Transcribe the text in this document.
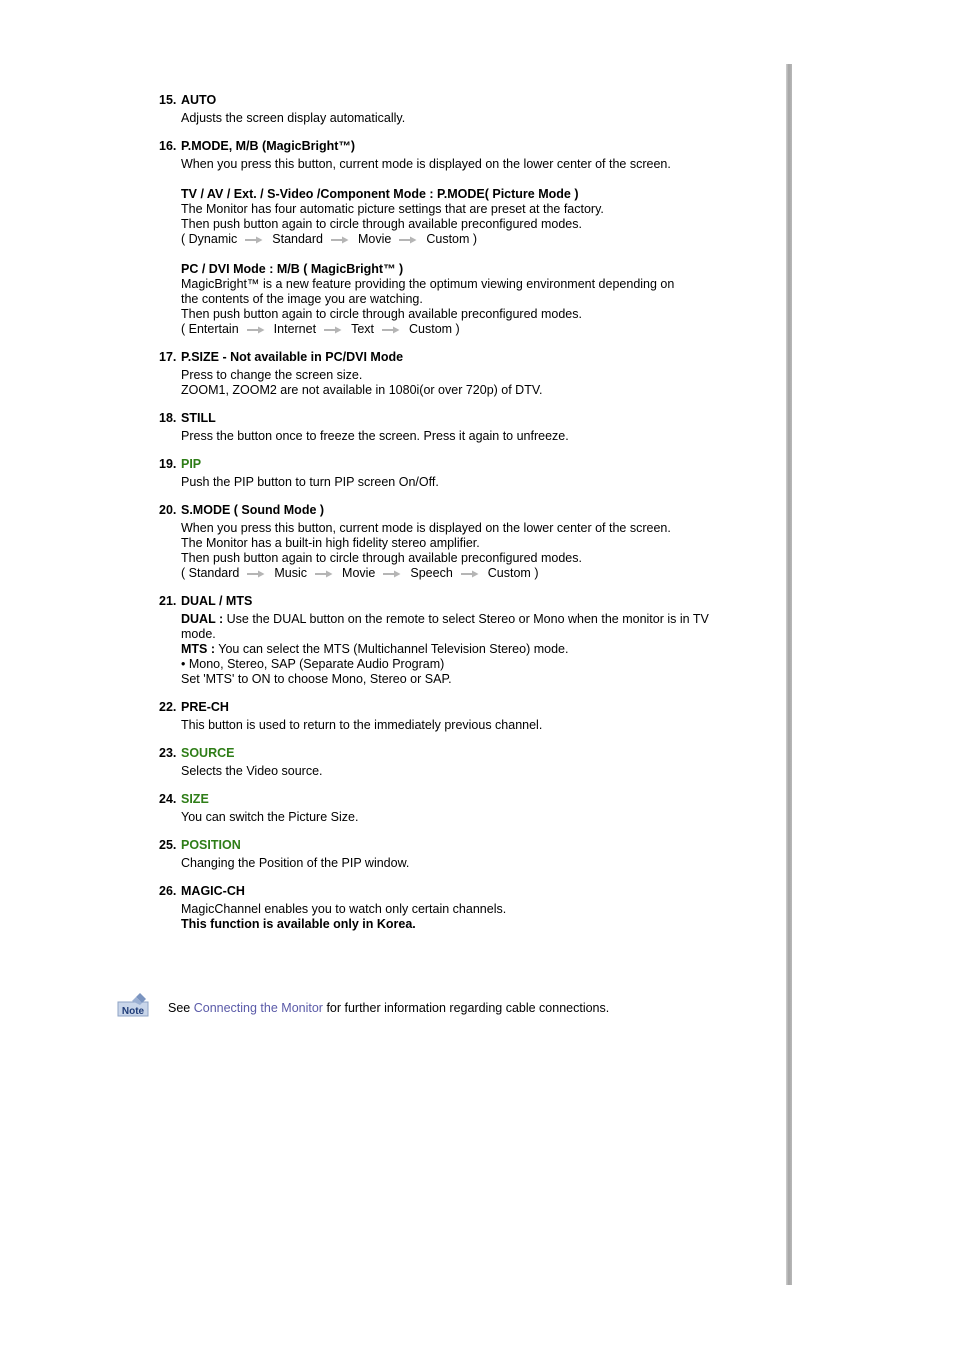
15. AUTO
Adjusts the screen display automatically.
16. P.MODE, M/B (MagicBright™)
When you press this button, current mode is displayed on the lower center of the screen.
TV / AV / Ext. / S-Video /Component Mode : P.MODE( Picture Mode )
The Monitor has four automatic picture settings that are preset at the factory.
Then push button again to circle through available preconfigured modes.
( Dynamic	Standard	Movie	Custom )
PC / DVI Mode : M/B ( MagicBright™ )
MagicBright™ is a new feature providing the optimum viewing environment depending on
the contents of the image you are watching.
Then push button again to circle through available preconfigured modes.
( Entertain	Internet	Text	Custom )
17. P.SIZE - Not available in PC/DVI Mode
Press to change the screen size.
ZOOM1, ZOOM2 are not available in 1080i(or over 720p) of DTV.
18. STILL
Press the button once to freeze the screen. Press it again to unfreeze.
19. PIP
Push the PIP button to turn PIP screen On/Off.
20. S.MODE ( Sound Mode )
When you press this button, current mode is displayed on the lower center of the screen.
The Monitor has a built-in high fidelity stereo amplifier.
Then push button again to circle through available preconfigured modes.
( Standard	Music	Movie	Speech	Custom )
21. DUAL / MTS
DUAL : Use the DUAL button on the remote to select Stereo or Mono when the monitor is in TV mode.
MTS : You can select the MTS (Multichannel Television Stereo) mode.
• Mono, Stereo, SAP (Separate Audio Program)
Set 'MTS' to ON to choose Mono, Stereo or SAP.
22. PRE-CH
This button is used to return to the immediately previous channel.
23. SOURCE
Selects the Video source.
24. SIZE
You can switch the Picture Size.
25. POSITION
Changing the Position of the PIP window.
26. MAGIC-CH
MagicChannel enables you to watch only certain channels.
This function is available only in Korea.
Note See Connecting the Monitor for further information regarding cable connections.
